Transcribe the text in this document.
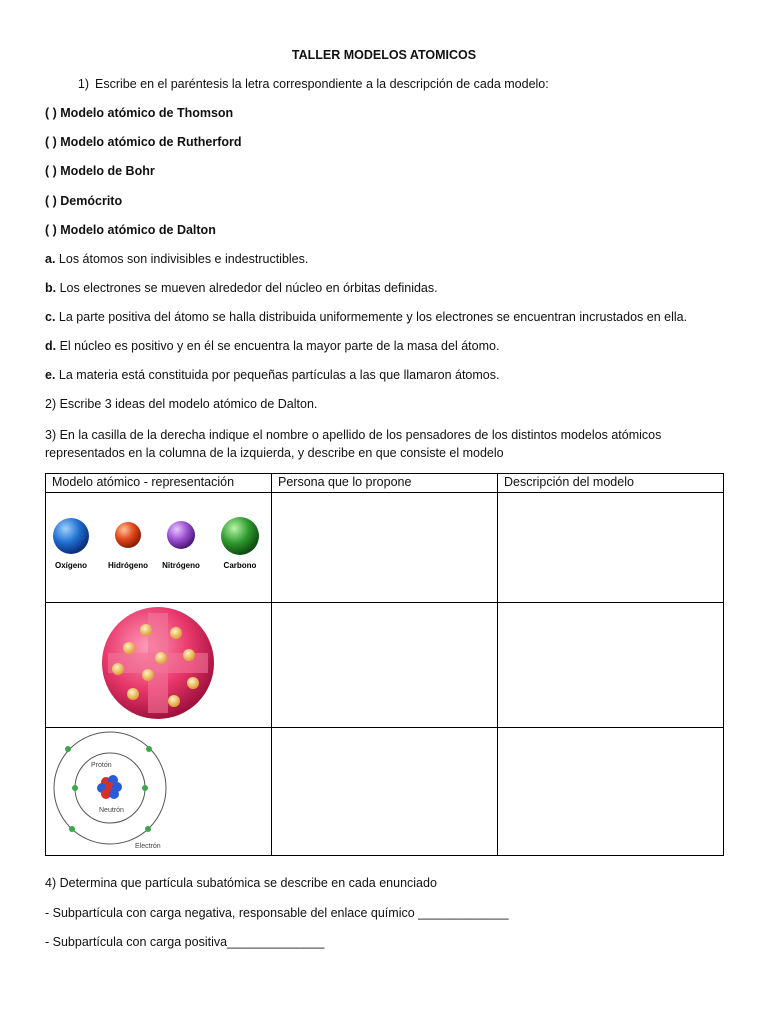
TALLER MODELOS ATOMICOS
1) Escribe en el paréntesis la letra correspondiente a la descripción de cada modelo:
( ) Modelo atómico de Thomson
( ) Modelo atómico de Rutherford
( ) Modelo de Bohr
( ) Demócrito
( ) Modelo atómico de Dalton
a. Los átomos son indivisibles e indestructibles.
b. Los electrones se mueven alrededor del núcleo en órbitas definidas.
c. La parte positiva del átomo se halla distribuida uniformemente y los electrones se encuentran incrustados en ella.
d. El núcleo es positivo y en él se encuentra la mayor parte de la masa del átomo.
e. La materia está constituida por pequeñas partículas a las que llamaron átomos.
2) Escribe 3 ideas del modelo atómico de Dalton.
3) En la casilla de la derecha indique el nombre o apellido de los pensadores de los distintos modelos atómicos
representados en la columna de la izquierda, y describe en que consiste el modelo
Modelo atómico - representación	Persona que lo propone	Descripción del modelo

Oxígeno Hidrógeno Nitrógeno Carbono		

Protón
Neutrón
Electrón		

4) Determina que partícula subatómica se describe en cada enunciado
- Subpartícula con carga negativa, responsable del enlace químico _____________
- Subpartícula con carga positiva______________
